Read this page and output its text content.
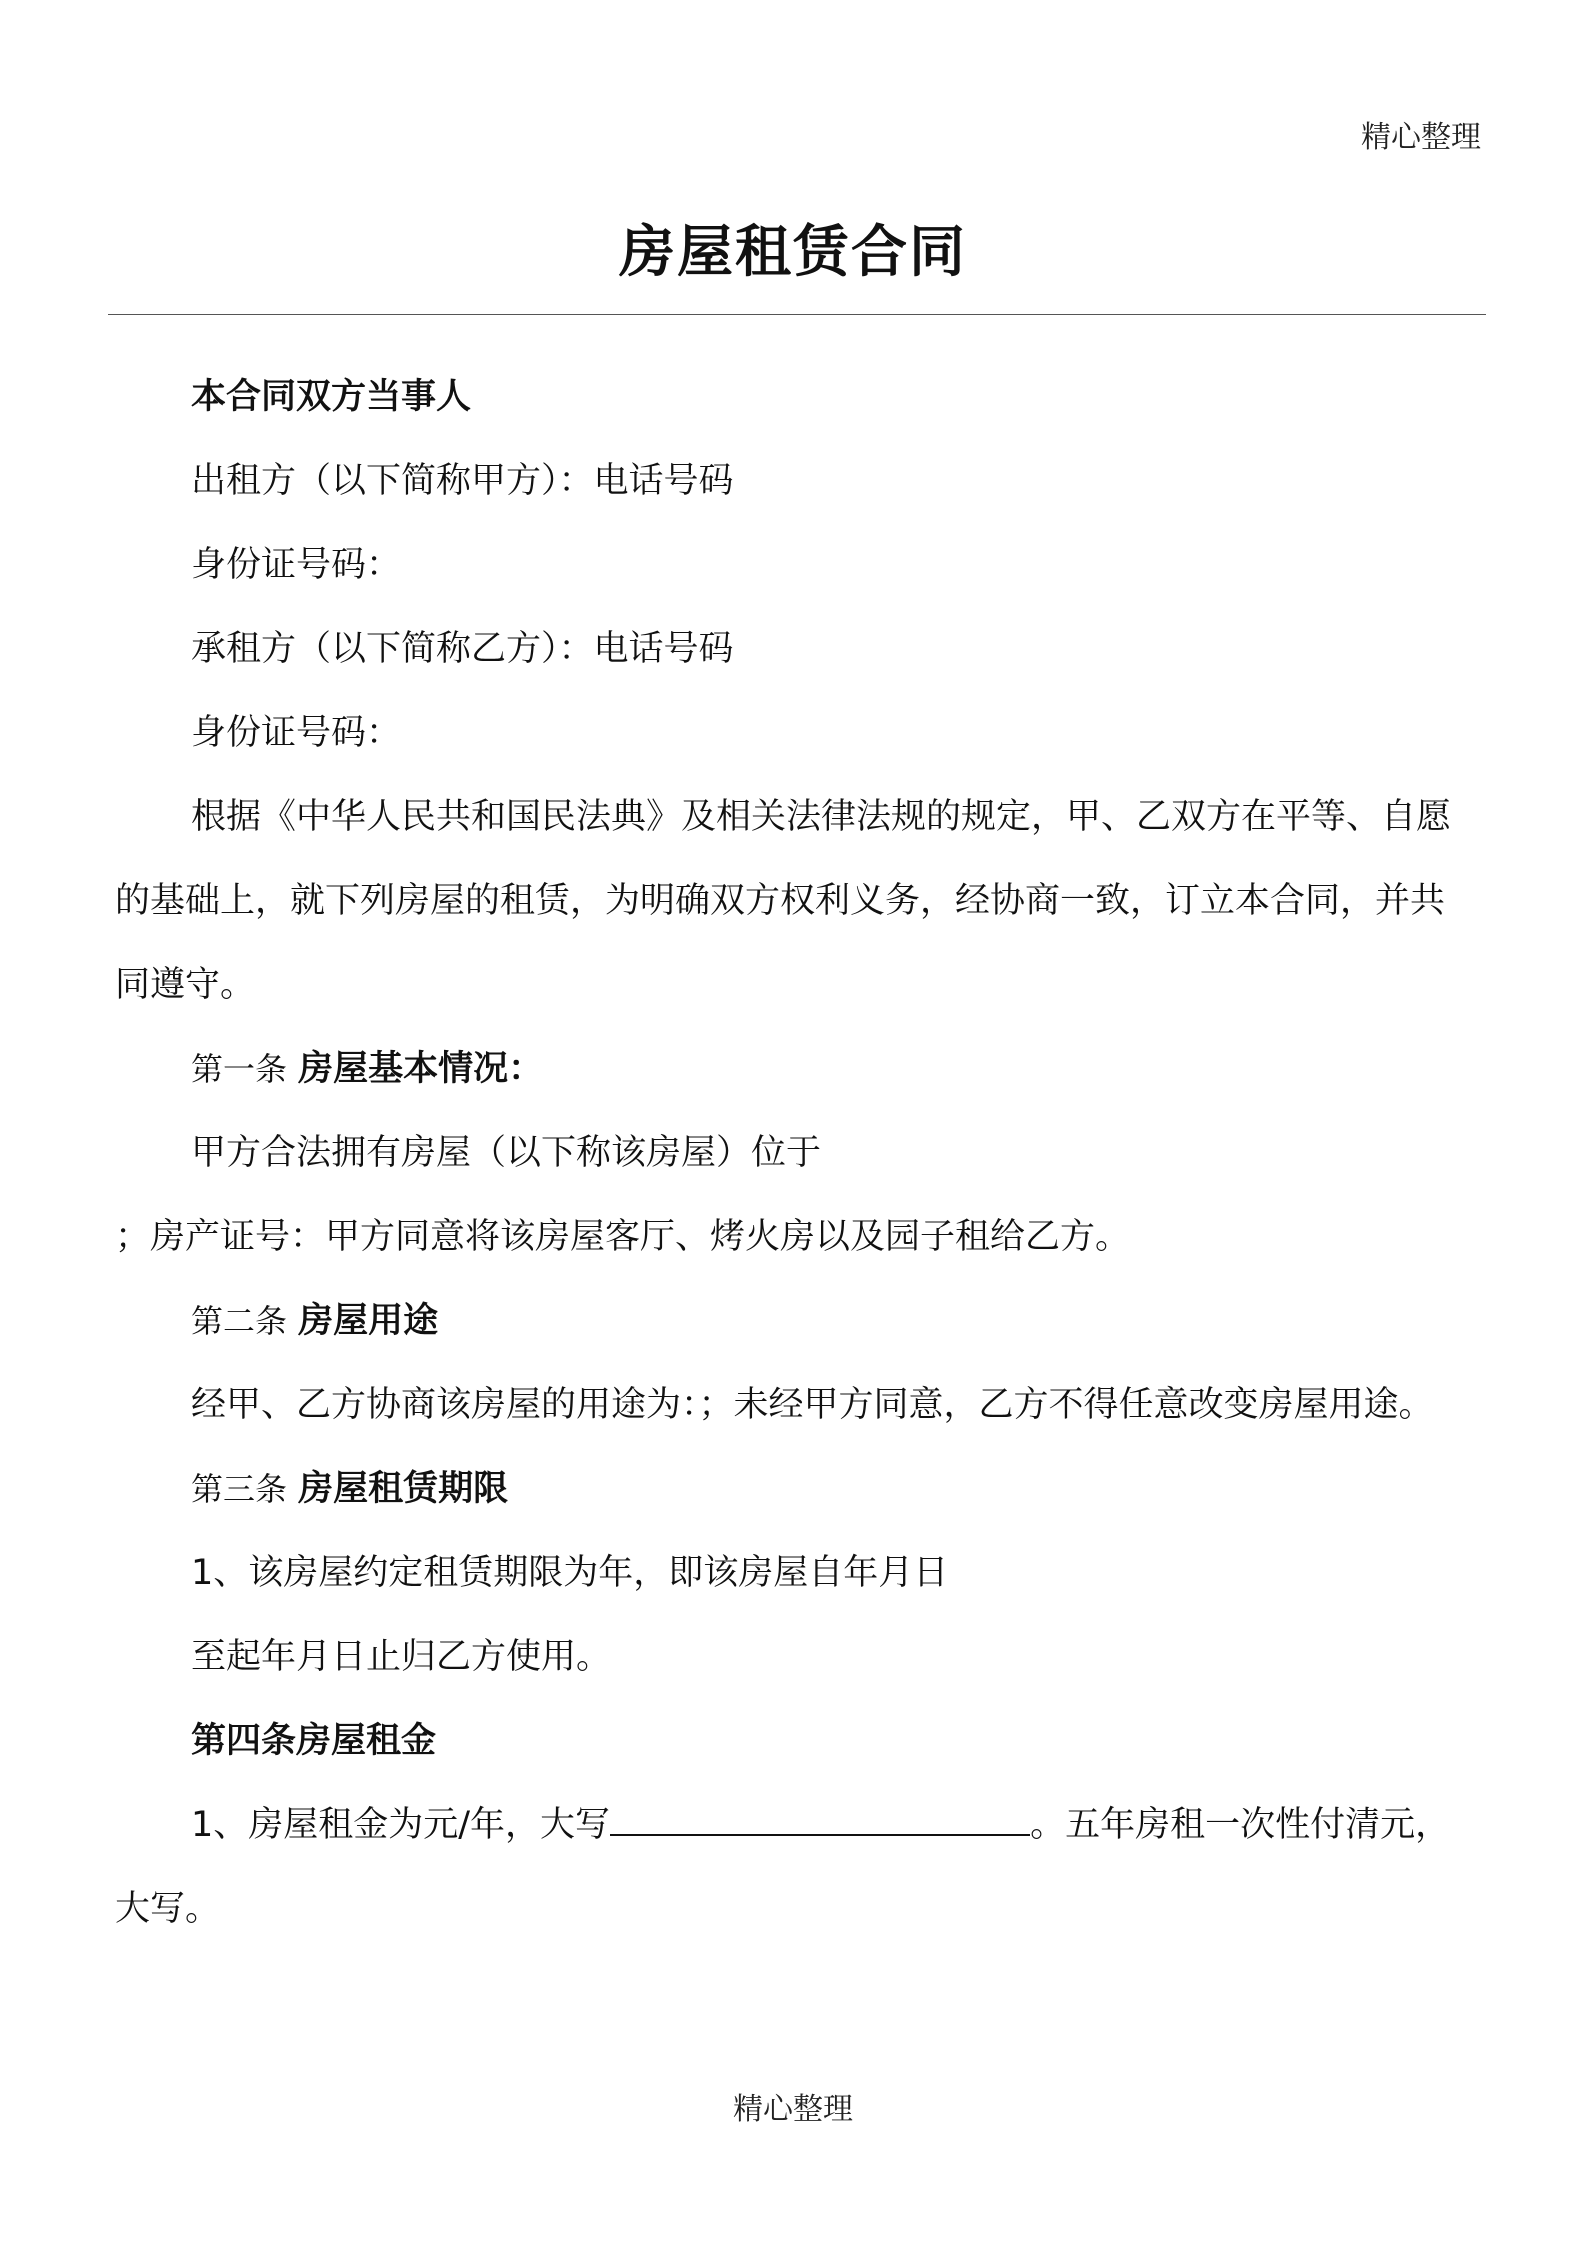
精心整理
房屋租赁合同

本合同双方当事人

出租方（以下简称甲方）：电话号码

身份证号码：

承租方（以下简称乙方）：电话号码

身份证号码：

根据《中华人民共和国民法典》及相关法律法规的规定，甲、乙双方在平等、自愿的基础上，就下列房屋的租赁，为明确双方权利义务，经协商一致，订立本合同，并共同遵守。

第一条 房屋基本情况：

甲方合法拥有房屋（以下称该房屋）位于

；房产证号：甲方同意将该房屋客厅、烤火房以及园子租给乙方。

第二条 房屋用途

经甲、乙方协商该房屋的用途为：；未经甲方同意，乙方不得任意改变房屋用途。

第三条 房屋租赁期限

1、该房屋约定租赁期限为年，即该房屋自年月日

至起年月日止归乙方使用。

第四条房屋租金

1、房屋租金为元/年，大写	。五年房租一次性付清元，大写。

精心整理
